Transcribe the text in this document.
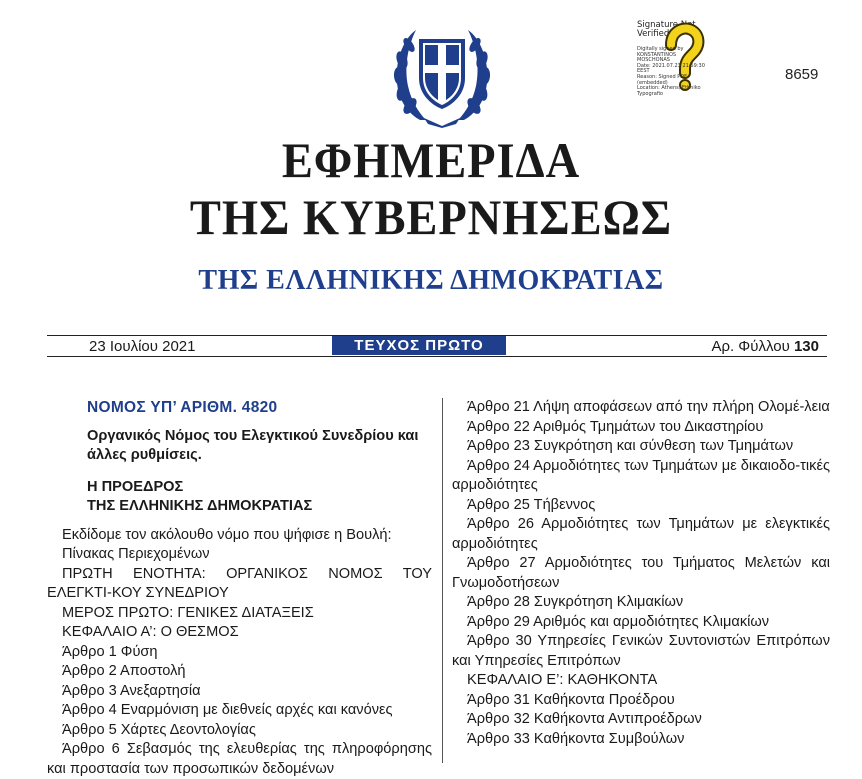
Signature Not
Verified
Digitally signed by
KONSTANTINOS
MOSCHONAS
Date: 2021.07.23 21:59:30
EEST
Reason: Signed PDF
(embedded)
Location: Athens, Ethniko
Typografio
8659
ΕΦΗΜΕΡΙΔΑ
ΤΗΣ ΚΥΒΕΡΝΗΣΕΩΣ
ΤΗΣ ΕΛΛΗΝΙΚΗΣ ΔΗΜΟΚΡΑΤΙΑΣ
23 Ιουλίου 2021	ΤΕΥΧΟΣ ΠΡΩΤΟ	Αρ. Φύλλου 130
ΝΟΜΟΣ ΥΠ’ ΑΡΙΘΜ. 4820
Οργανικός Νόμος του Ελεγκτικού Συνεδρίου και άλλες ρυθμίσεις.
Η ΠΡΟΕΔΡΟΣ
ΤΗΣ ΕΛΛΗΝΙΚΗΣ ΔΗΜΟΚΡΑΤΙΑΣ
Εκδίδομε τον ακόλουθο νόμο που ψήφισε η Βουλή:
Πίνακας Περιεχομένων
ΠΡΩΤΗ ΕΝΟΤΗΤΑ: ΟΡΓΑΝΙΚΟΣ ΝΟΜΟΣ ΤΟΥ ΕΛΕΓΚΤΙ-ΚΟΥ ΣΥΝΕΔΡΙΟΥ
ΜΕΡΟΣ ΠΡΩΤΟ: ΓΕΝΙΚΕΣ ΔΙΑΤΑΞΕΙΣ
ΚΕΦΑΛΑΙΟ Α’: Ο ΘΕΣΜΟΣ
Άρθρο 1 Φύση
Άρθρο 2 Αποστολή
Άρθρο 3 Ανεξαρτησία
Άρθρο 4 Εναρμόνιση με διεθνείς αρχές και κανόνες
Άρθρο 5 Χάρτες Δεοντολογίας
Άρθρο 6 Σεβασμός της ελευθερίας της πληροφόρησης και προστασία των προσωπικών δεδομένων
Άρθρο 21 Λήψη αποφάσεων από την πλήρη Ολομέ-λεια
Άρθρο 22 Αριθμός Τμημάτων του Δικαστηρίου
Άρθρο 23 Συγκρότηση και σύνθεση των Τμημάτων
Άρθρο 24 Αρμοδιότητες των Τμημάτων με δικαιοδο-τικές αρμοδιότητες
Άρθρο 25 Τήβεννος
Άρθρο 26 Αρμοδιότητες των Τμημάτων με ελεγκτικές αρμοδιότητες
Άρθρο 27 Αρμοδιότητες του Τμήματος Μελετών και Γνωμοδοτήσεων
Άρθρο 28 Συγκρότηση Κλιμακίων
Άρθρο 29 Αριθμός και αρμοδιότητες Κλιμακίων
Άρθρο 30 Υπηρεσίες Γενικών Συντονιστών Επιτρόπων και Υπηρεσίες Επιτρόπων
ΚΕΦΑΛΑΙΟ Ε’: ΚΑΘΗΚΟΝΤΑ
Άρθρο 31 Καθήκοντα Προέδρου
Άρθρο 32 Καθήκοντα Αντιπροέδρων
Άρθρο 33 Καθήκοντα Συμβούλων
